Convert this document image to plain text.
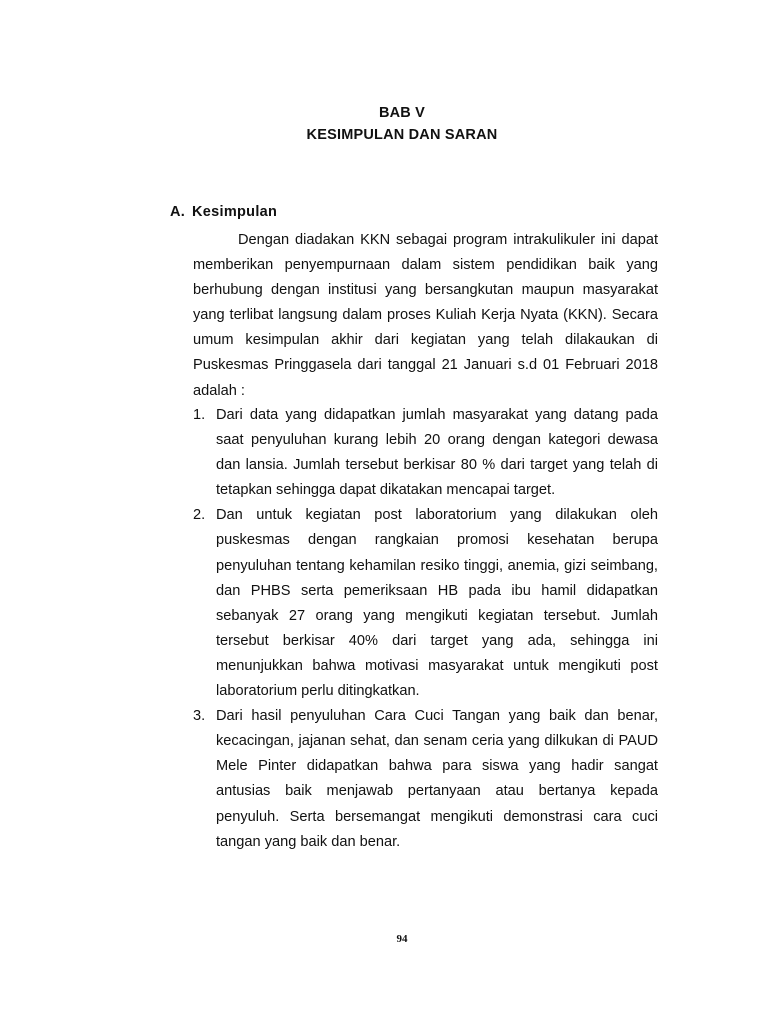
BAB V
KESIMPULAN DAN SARAN
A. Kesimpulan

Dengan diadakan KKN sebagai program intrakulikuler ini dapat memberikan penyempurnaan dalam sistem pendidikan baik yang berhubung dengan institusi yang bersangkutan maupun masyarakat yang terlibat langsung dalam proses Kuliah Kerja Nyata (KKN). Secara umum kesimpulan akhir dari kegiatan yang telah dilakaukan di Puskesmas Pringgasela dari tanggal 21 Januari s.d 01 Februari 2018 adalah :

1. Dari data yang didapatkan jumlah masyarakat yang datang pada saat penyuluhan kurang lebih 20 orang dengan kategori dewasa dan lansia. Jumlah tersebut berkisar 80 % dari target yang telah di tetapkan sehingga dapat dikatakan mencapai target.
2. Dan untuk kegiatan post laboratorium yang dilakukan oleh puskesmas dengan rangkaian promosi kesehatan berupa penyuluhan tentang kehamilan resiko tinggi, anemia, gizi seimbang, dan PHBS serta pemeriksaan HB pada ibu hamil didapatkan sebanyak 27 orang yang mengikuti kegiatan tersebut. Jumlah tersebut berkisar 40% dari target yang ada, sehingga ini menunjukkan bahwa motivasi masyarakat untuk mengikuti post laboratorium perlu ditingkatkan.
3. Dari hasil penyuluhan Cara Cuci Tangan yang baik dan benar, kecacingan, jajanan sehat, dan senam ceria yang dilkukan di PAUD Mele Pinter didapatkan bahwa para siswa yang hadir sangat antusias baik menjawab pertanyaan atau bertanya kepada penyuluh. Serta bersemangat mengikuti demonstrasi cara cuci tangan yang baik dan benar.
94
